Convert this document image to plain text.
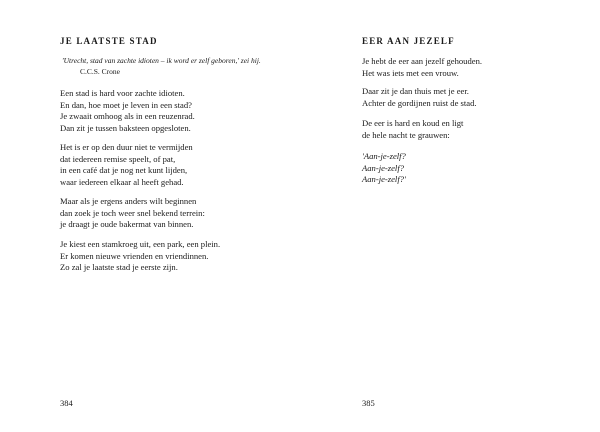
JE LAATSTE STAD
'Utrecht, stad van zachte idioten – ik word er zelf geboren,' zei hij.
C.C.S. Crone
Een stad is hard voor zachte idioten.
En dan, hoe moet je leven in een stad?
Je zwaait omhoog als in een reuzenrad.
Dan zit je tussen baksteen opgesloten.
Het is er op den duur niet te vermijden
dat iedereen remise speelt, of pat,
in een café dat je nog net kunt lijden,
waar iedereen elkaar al heeft gehad.
Maar als je ergens anders wilt beginnen
dan zoek je toch weer snel bekend terrein:
je draagt je oude bakermat van binnen.
Je kiest een stamkroeg uit, een park, een plein.
Er komen nieuwe vrienden en vriendinnen.
Zo zal je laatste stad je eerste zijn.
384
EER AAN JEZELF
Je hebt de eer aan jezelf gehouden.
Het was iets met een vrouw.
Daar zit je dan thuis met je eer.
Achter de gordijnen ruist de stad.
De eer is hard en koud en ligt
de hele nacht te grauwen:
'Aan-je-zelf?
Aan-je-zelf?
Aan-je-zelf?'
385
